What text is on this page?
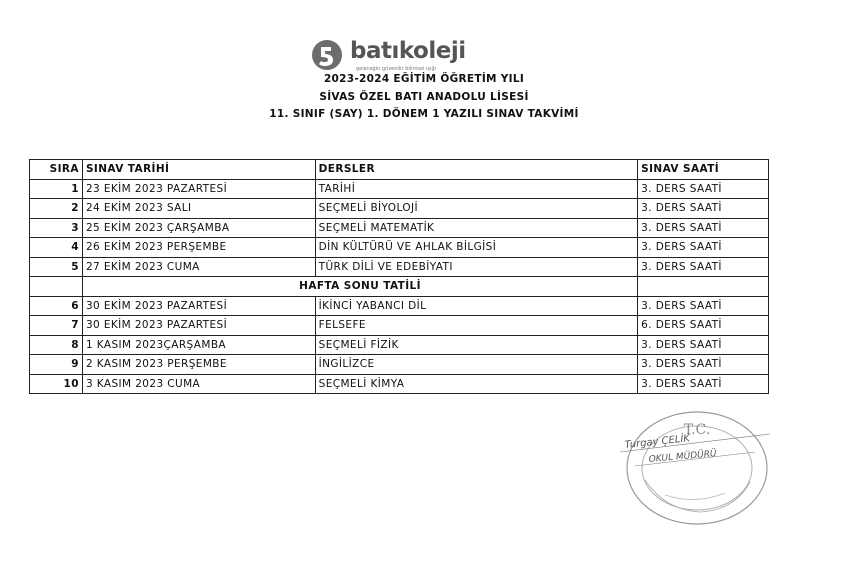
batıkoleji
geleceğin güvenilir bilimsel ışığı
2023-2024 EĞİTİM ÖĞRETİM YILI
SİVAS ÖZEL BATI ANADOLU LİSESİ
11. SINIF (SAY) 1. DÖNEM 1 YAZILI SINAV TAKVİMİ
SIRA	SINAV TARİHİ	DERSLER	SINAV SAATİ
1	23 EKİM 2023 PAZARTESİ	TARİHİ	3. DERS SAATİ
2	24 EKİM 2023 SALI	SEÇMELİ BİYOLOJİ	3. DERS SAATİ
3	25 EKİM 2023 ÇARŞAMBA	SEÇMELİ MATEMATİK	3. DERS SAATİ
4	26 EKİM 2023 PERŞEMBE	DİN KÜLTÜRÜ VE AHLAK BİLGİSİ	3. DERS SAATİ
5	27 EKİM 2023 CUMA	TÜRK DİLİ VE EDEBİYATI	3. DERS SAATİ
	HAFTA SONU TATİLİ		
6	30 EKİM 2023 PAZARTESİ	İKİNCİ YABANCI DİL	3. DERS SAATİ
7	30 EKİM 2023 PAZARTESİ	FELSEFE	6. DERS SAATİ
8	1 KASIM 2023ÇARŞAMBA	SEÇMELİ FİZİK	3. DERS SAATİ
9	2 KASIM 2023 PERŞEMBE	İNGİLİZCE	3. DERS SAATİ
10	3 KASIM 2023 CUMA	SEÇMELİ KİMYA	3. DERS SAATİ
T.C.
Turgay ÇELİK
OKUL MÜDÜRÜ
